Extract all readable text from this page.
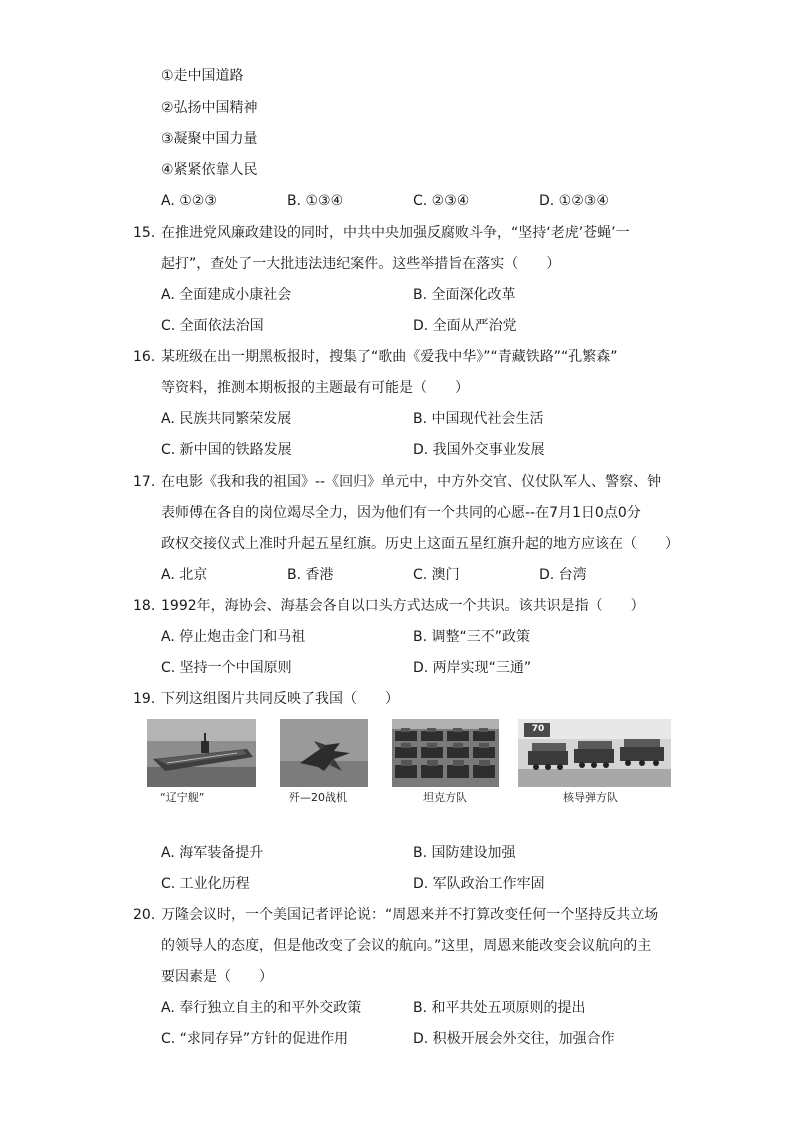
①走中国道路
②弘扬中国精神
③凝聚中国力量
④紧紧依靠人民
A. ①②③	B. ①③④	C. ②③④	D. ①②③④
15. 在推进党风廉政建设的同时，中共中央加强反腐败斗争，“坚持‘老虎’苍蝇’一
起打”，查处了一大批违法违纪案件。这些举措旨在落实（　　）
A. 全面建成小康社会	B. 全面深化改革
C. 全面依法治国	D. 全面从严治党
16. 某班级在出一期黑板报时，搜集了“歌曲《爱我中华》”“青藏铁路”“孔繁森”
等资料，推测本期板报的主题最有可能是（　　）
A. 民族共同繁荣发展	B. 中国现代社会生活
C. 新中国的铁路发展	D. 我国外交事业发展
17. 在电影《我和我的祖国》--《回归》单元中，中方外交官、仪仗队军人、警察、钟
表师傅在各自的岗位竭尽全力，因为他们有一个共同的心愿--在7月1日0点0分
政权交接仪式上准时升起五星红旗。历史上这面五星红旗升起的地方应该在（　　）
A. 北京	B. 香港	C. 澳门	D. 台湾
18. 1992年，海协会、海基会各自以口头方式达成一个共识。该共识是指（　　）
A. 停止炮击金门和马祖	B. 调整“三不”政策
C. 坚持一个中国原则	D. 两岸实现“三通”
19. 下列这组图片共同反映了我国（　　）
“辽宁舰”	歼—20战机	坦克方队
70
核导弹方队
A. 海军装备提升	B. 国防建设加强
C. 工业化历程	D. 军队政治工作牢固
20. 万隆会议时，一个美国记者评论说：“周恩来并不打算改变任何一个坚持反共立场
的领导人的态度，但是他改变了会议的航向。”这里，周恩来能改变会议航向的主
要因素是（　　）
A. 奉行独立自主的和平外交政策	B. 和平共处五项原则的提出
C. “求同存异”方针的促进作用	D. 积极开展会外交往，加强合作
